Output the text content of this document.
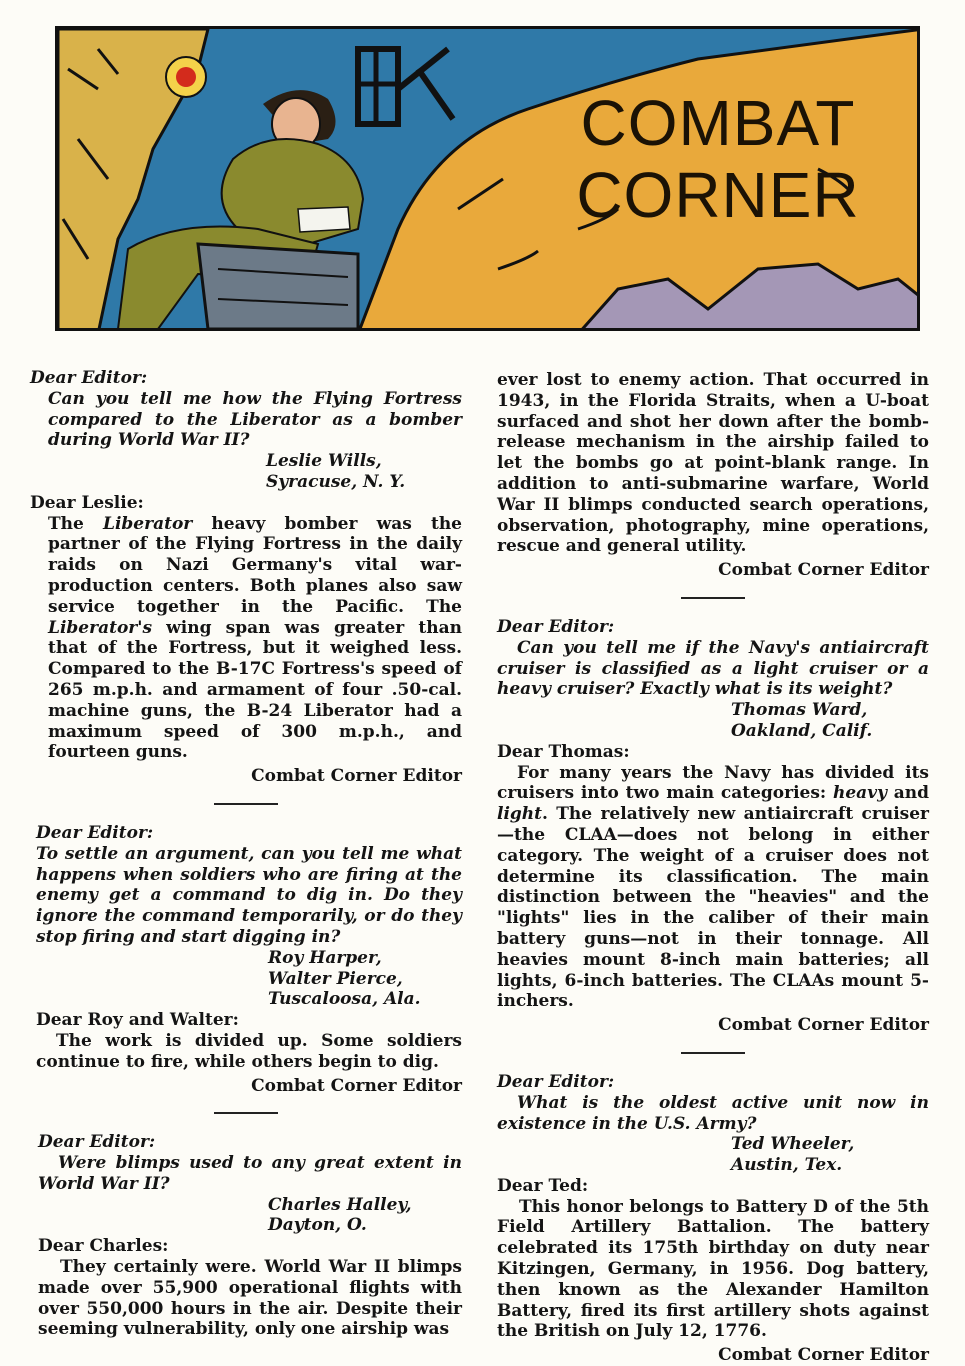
COMBAT
CORNER
Dear Editor:
Can you tell me how the Flying Fortress compared to the Liberator as a bomber during World War II?
Leslie Wills,
Syracuse, N. Y.
Dear Leslie:
The Liberator heavy bomber was the partner of the Flying Fortress in the daily raids on Nazi Germany's vital war-production centers. Both planes also saw service together in the Pacific. The Liberator's wing span was greater than that of the Fortress, but it weighed less. Compared to the B-17C Fortress's speed of 265 m.p.h. and armament of four .50-cal. machine guns, the B-24 Liberator had a maximum speed of 300 m.p.h., and fourteen guns.
Combat Corner Editor
Dear Editor:
To settle an argument, can you tell me what happens when soldiers who are firing at the enemy get a command to dig in. Do they ignore the command temporarily, or do they stop firing and start digging in?
Roy Harper,
Walter Pierce,
Tuscaloosa, Ala.
Dear Roy and Walter:
The work is divided up. Some soldiers continue to fire, while others begin to dig.
Combat Corner Editor
Dear Editor:
Were blimps used to any great extent in World War II?
Charles Halley,
Dayton, O.
Dear Charles:
They certainly were. World War II blimps made over 55,900 operational flights with over 550,000 hours in the air. Despite their seeming vulnerability, only one airship was
ever lost to enemy action. That occurred in 1943, in the Florida Straits, when a U-boat surfaced and shot her down after the bomb-release mechanism in the airship failed to let the bombs go at point-blank range. In addition to anti-submarine warfare, World War II blimps conducted search operations, observation, photography, mine operations, rescue and general utility.
Combat Corner Editor
Dear Editor:
Can you tell me if the Navy's antiaircraft cruiser is classified as a light cruiser or a heavy cruiser? Exactly what is its weight?
Thomas Ward,
Oakland, Calif.
Dear Thomas:
For many years the Navy has divided its cruisers into two main categories: heavy and light. The relatively new antiaircraft cruiser —the CLAA—does not belong in either category. The weight of a cruiser does not determine its classification. The main distinction between the "heavies" and the "lights" lies in the caliber of their main battery guns—not in their tonnage. All heavies mount 8-inch main batteries; all lights, 6-inch batteries. The CLAAs mount 5-inchers.
Combat Corner Editor
Dear Editor:
What is the oldest active unit now in existence in the U.S. Army?
Ted Wheeler,
Austin, Tex.
Dear Ted:
This honor belongs to Battery D of the 5th Field Artillery Battalion. The battery celebrated its 175th birthday on duty near Kitzingen, Germany, in 1956. Dog battery, then known as the Alexander Hamilton Battery, fired its first artillery shots against the British on July 12, 1776.
Combat Corner Editor
